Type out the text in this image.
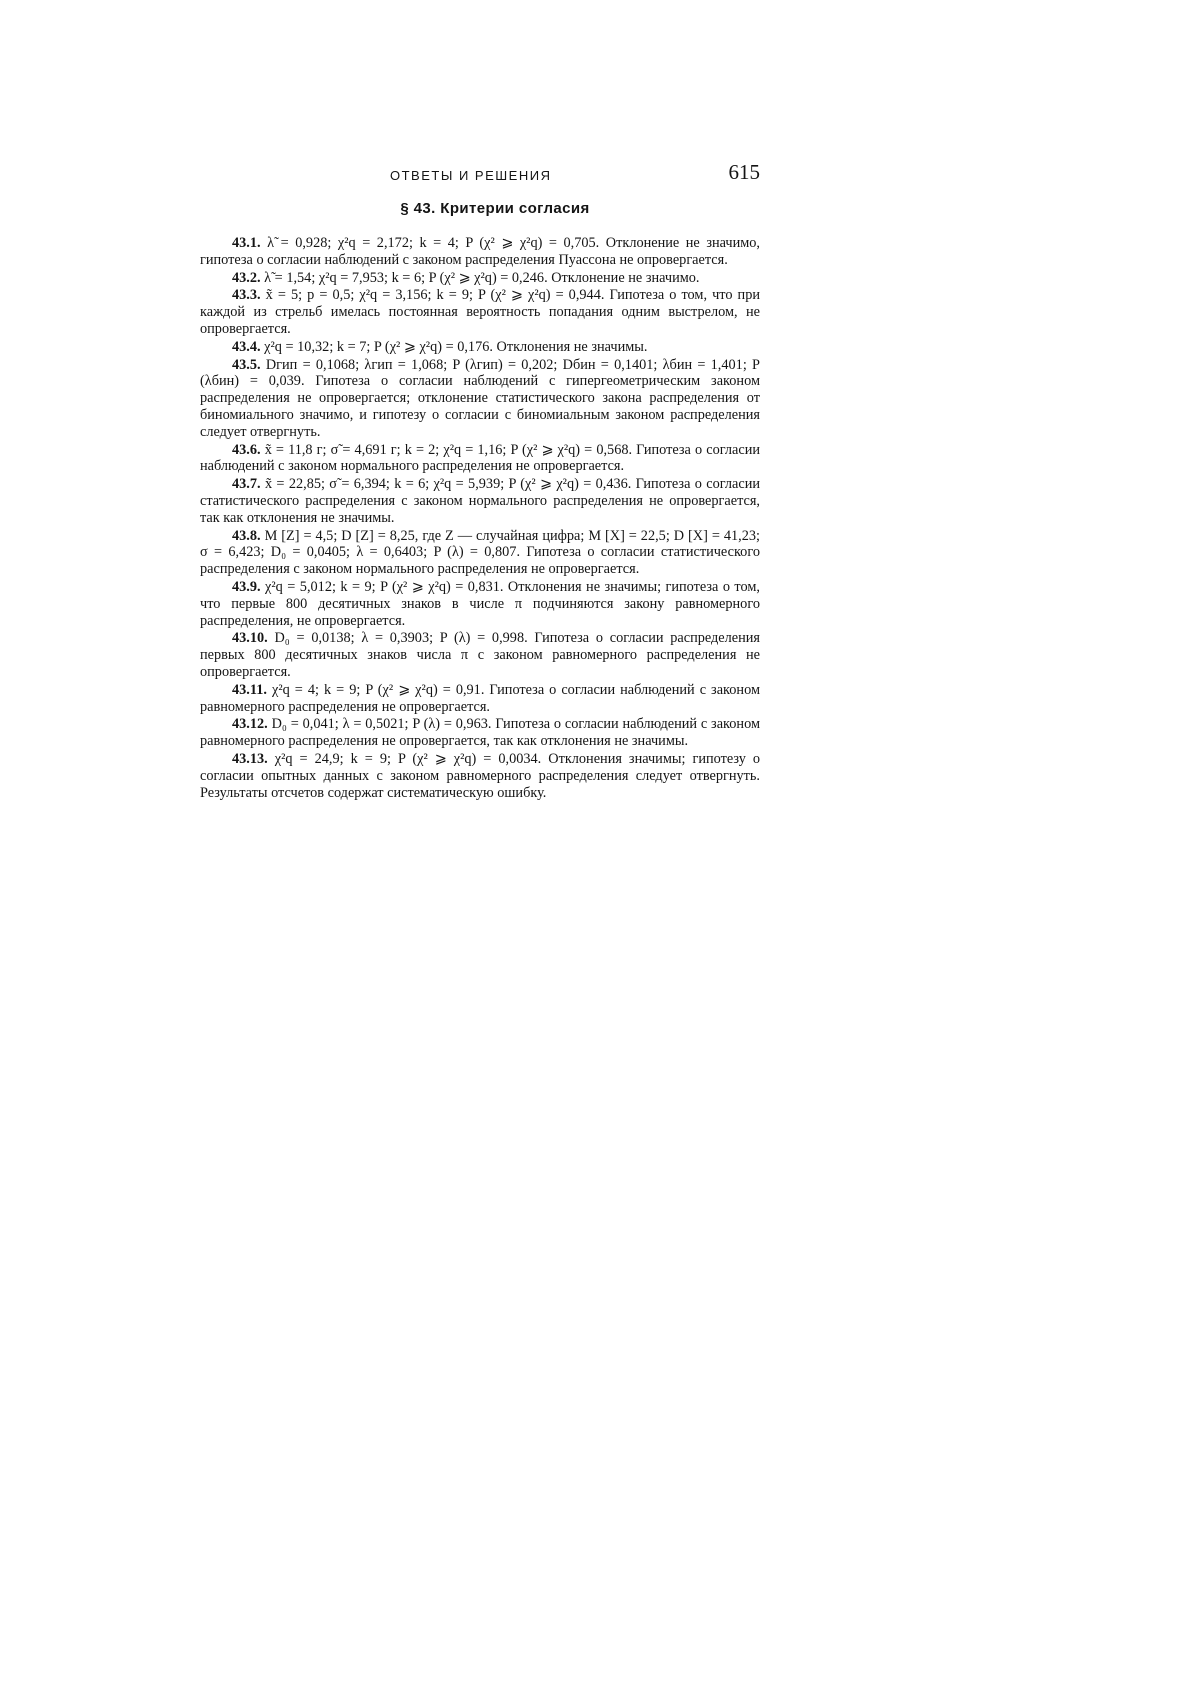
ОТВЕТЫ И РЕШЕНИЯ	615
§ 43. Критерии согласия

43.1. λ̃ = 0,928; χ²q = 2,172; k = 4; P (χ² ⩾ χ²q) = 0,705. Отклонение не значимо, гипотеза о согласии наблюдений с законом распределения Пуассона не опровергается.

43.2. λ̃ = 1,54; χ²q = 7,953; k = 6; P (χ² ⩾ χ²q) = 0,246. Отклонение не значимо.

43.3. x̃ = 5; p = 0,5; χ²q = 3,156; k = 9; P (χ² ⩾ χ²q) = 0,944. Гипотеза о том, что при каждой из стрельб имелась постоянная вероятность попадания одним выстрелом, не опровергается.

43.4. χ²q = 10,32; k = 7; P (χ² ⩾ χ²q) = 0,176. Отклонения не значимы.

43.5. Dгип = 0,1068; λгип = 1,068; P (λгип) = 0,202; Dбин = 0,1401; λбин = 1,401; P (λбин) = 0,039. Гипотеза о согласии наблюдений с гипергеометрическим законом распределения не опровергается; отклонение статистического закона распределения от биномиального значимо, и гипотезу о согласии с биномиальным законом распределения следует отвергнуть.

43.6. x̃ = 11,8 г; σ̃ = 4,691 г; k = 2; χ²q = 1,16; P (χ² ⩾ χ²q) = 0,568. Гипотеза о согласии наблюдений с законом нормального распределения не опровергается.

43.7. x̃ = 22,85; σ̃ = 6,394; k = 6; χ²q = 5,939; P (χ² ⩾ χ²q) = 0,436. Гипотеза о согласии статистического распределения с законом нормального распределения не опровергается, так как отклонения не значимы.

43.8. M [Z] = 4,5; D [Z] = 8,25, где Z — случайная цифра; M [X] = 22,5; D [X] = 41,23; σ = 6,423; D₀ = 0,0405; λ = 0,6403; P (λ) = 0,807. Гипотеза о согласии статистического распределения с законом нормального распределения не опровергается.

43.9. χ²q = 5,012; k = 9; P (χ² ⩾ χ²q) = 0,831. Отклонения не значимы; гипотеза о том, что первые 800 десятичных знаков в числе π подчиняются закону равномерного распределения, не опровергается.

43.10. D₀ = 0,0138; λ = 0,3903; P (λ) = 0,998. Гипотеза о согласии распределения первых 800 десятичных знаков числа π с законом равномерного распределения не опровергается.

43.11. χ²q = 4; k = 9; P (χ² ⩾ χ²q) = 0,91. Гипотеза о согласии наблюдений с законом равномерного распределения не опровергается.

43.12. D₀ = 0,041; λ = 0,5021; P (λ) = 0,963. Гипотеза о согласии наблюдений с законом равномерного распределения не опровергается, так как отклонения не значимы.

43.13. χ²q = 24,9; k = 9; P (χ² ⩾ χ²q) = 0,0034. Отклонения значимы; гипотезу о согласии опытных данных с законом равномерного распределения следует отвергнуть. Результаты отсчетов содержат систематическую ошибку.
